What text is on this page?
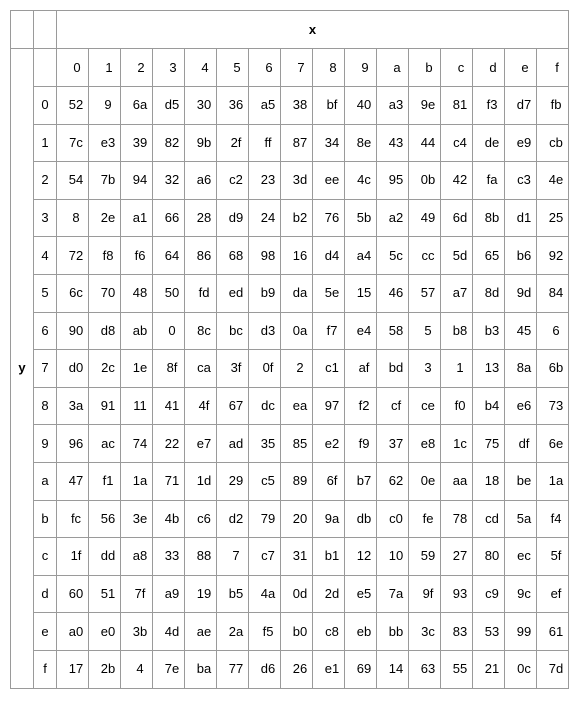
		x															
y		0	1	2	3	4	5	6	7	8	9	a	b	c	d	e	f
	0	52	9	6a	d5	30	36	a5	38	bf	40	a3	9e	81	f3	d7	fb
	1	7c	e3	39	82	9b	2f	ff	87	34	8e	43	44	c4	de	e9	cb
	2	54	7b	94	32	a6	c2	23	3d	ee	4c	95	0b	42	fa	c3	4e
	3	8	2e	a1	66	28	d9	24	b2	76	5b	a2	49	6d	8b	d1	25
	4	72	f8	f6	64	86	68	98	16	d4	a4	5c	cc	5d	65	b6	92
	5	6c	70	48	50	fd	ed	b9	da	5e	15	46	57	a7	8d	9d	84
	6	90	d8	ab	0	8c	bc	d3	0a	f7	e4	58	5	b8	b3	45	6
	7	d0	2c	1e	8f	ca	3f	0f	2	c1	af	bd	3	1	13	8a	6b
	8	3a	91	11	41	4f	67	dc	ea	97	f2	cf	ce	f0	b4	e6	73
	9	96	ac	74	22	e7	ad	35	85	e2	f9	37	e8	1c	75	df	6e
	a	47	f1	1a	71	1d	29	c5	89	6f	b7	62	0e	aa	18	be	1a
	b	fc	56	3e	4b	c6	d2	79	20	9a	db	c0	fe	78	cd	5a	f4
	c	1f	dd	a8	33	88	7	c7	31	b1	12	10	59	27	80	ec	5f
	d	60	51	7f	a9	19	b5	4a	0d	2d	e5	7a	9f	93	c9	9c	ef
	e	a0	e0	3b	4d	ae	2a	f5	b0	c8	eb	bb	3c	83	53	99	61
	f	17	2b	4	7e	ba	77	d6	26	e1	69	14	63	55	21	0c	7d
